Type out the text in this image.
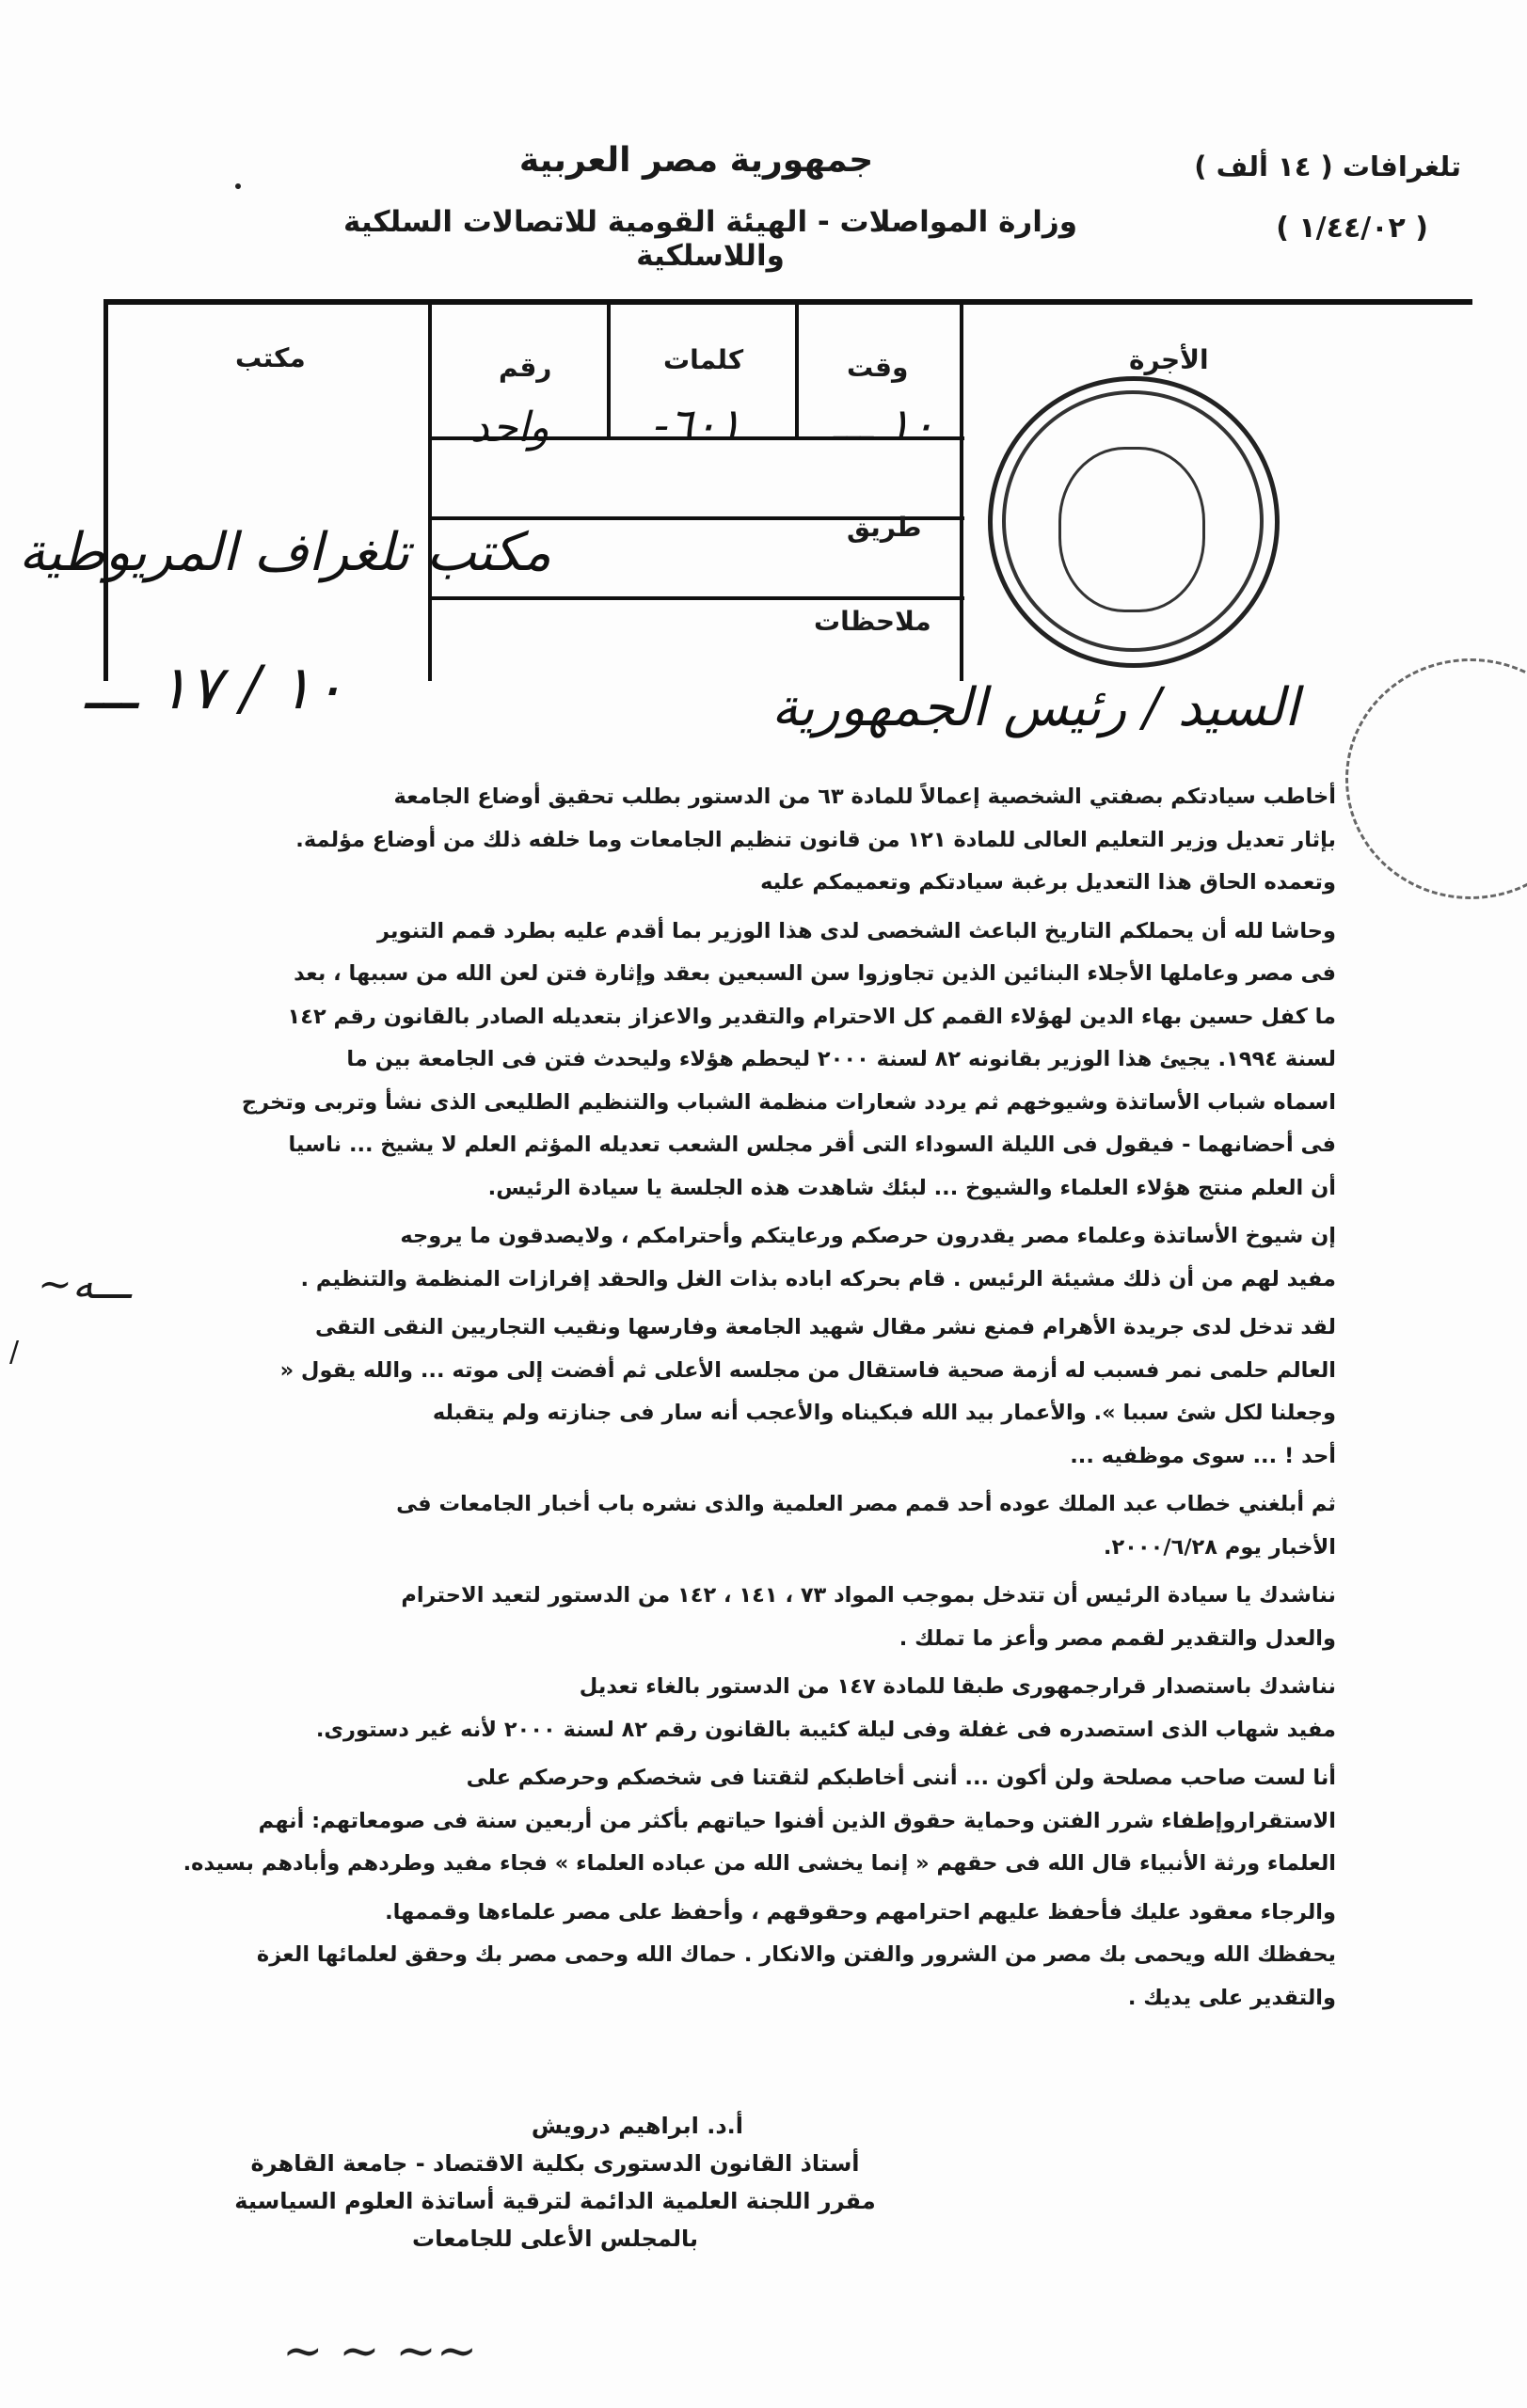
جمهورية مصر العربية
وزارة المواصلات - الهيئة القومية للاتصالات السلكية واللاسلكية
تلغرافات ( ١٤ ألف )
( ١/٤٤/٠٢ )
مكتب	رقم	كلمات	وقت	الأجرة
طريق
ملاحظات
واحد ٦٠١- ١٠ ـــ
مكتب تلغراف المريوطية
١٠ / ١٧ ـــ	السيد / رئيس الجمهورية

أخاطب سيادتكم بصفتي الشخصية إعمالاً للمادة ٦٣ من الدستور بطلب تحقيق أوضاع الجامعة
بإثار تعديل وزير التعليم العالى للمادة ١٢١ من قانون تنظيم الجامعات وما خلفه ذلك من أوضاع مؤلمة.
وتعمده الحاق هذا التعديل برغبة سيادتكم وتعميمكم عليه

وحاشا لله أن يحملكم التاريخ الباعث الشخصى لدى هذا الوزير بما أقدم عليه بطرد قمم التنوير
فى مصر وعاملها الأجلاء البنائين الذين تجاوزوا سن السبعين بعقد وإثارة فتن لعن الله من سببها ، بعد
ما كفل حسين بهاء الدين لهؤلاء القمم كل الاحترام والتقدير والاعزاز بتعديله الصادر بالقانون رقم ١٤٢
لسنة ١٩٩٤. يجيئ هذا الوزير بقانونه ٨٢ لسنة ٢٠٠٠ ليحطم هؤلاء وليحدث فتن فى الجامعة بين ما
اسماه شباب الأساتذة وشيوخهم ثم يردد شعارات منظمة الشباب والتنظيم الطليعى الذى نشأ وتربى وتخرج
فى أحضانهما - فيقول فى الليلة السوداء التى أقر مجلس الشعب تعديله المؤثم العلم لا يشيخ ... ناسيا
أن العلم منتج هؤلاء العلماء والشيوخ ... لبئك شاهدت هذه الجلسة يا سيادة الرئيس.

إن شيوخ الأساتذة وعلماء مصر يقدرون حرصكم ورعايتكم وأحترامكم ، ولايصدقون ما يروجه
مفيد لهم من أن ذلك مشيئة الرئيس . قام بحركه اباده بذات الغل والحقد إفرازات المنظمة والتنظيم .

لقد تدخل لدى جريدة الأهرام فمنع نشر مقال شهيد الجامعة وفارسها ونقيب التجاريين النقى التقى
العالم حلمى نمر فسبب له أزمة صحية فاستقال من مجلسه الأعلى ثم أفضت إلى موته ... والله يقول «
وجعلنا لكل شئ سببا ». والأعمار بيد الله فبكيناه والأعجب أنه سار فى جنازته ولم يتقبله
أحد ! ... سوى موظفيه ...

ثم أبلغني خطاب عبد الملك عوده أحد قمم مصر العلمية والذى نشره باب أخبار الجامعات فى
الأخبار يوم ٢٠٠٠/٦/٢٨.

نناشدك يا سيادة الرئيس أن تتدخل بموجب المواد ٧٣ ، ١٤١ ، ١٤٢ من الدستور لتعيد الاحترام
والعدل والتقدير لقمم مصر وأعز ما تملك .

نناشدك باستصدار قرارجمهورى طبقا للمادة ١٤٧ من الدستور بالغاء تعديل
مفيد شهاب الذى استصدره فى غفلة وفى ليلة كئيبة بالقانون رقم ٨٢ لسنة ٢٠٠٠ لأنه غير دستورى.

أنا لست صاحب مصلحة ولن أكون ... أننى أخاطبكم لثقتنا فى شخصكم وحرصكم على
الاستقراروإطفاء شرر الفتن وحماية حقوق الذين أفنوا حياتهم بأكثر من أربعين سنة فى صومعاتهم: أنهم
العلماء ورثة الأنبياء قال الله فى حقهم « إنما يخشى الله من عباده العلماء » فجاء مفيد وطردهم وأبادهم بسيده.

والرجاء معقود عليك فأحفظ عليهم احترامهم وحقوقهم ، وأحفظ على مصر علماءها وقممها.
يحفظك الله ويحمى بك مصر من الشرور والفتن والانكار . حماك الله وحمى مصر بك وحقق لعلمائها العزة
والتقدير على يديك .

~ـــه
/
أ.د. ابراهيم درويش
أستاذ القانون الدستورى بكلية الاقتصاد - جامعة القاهرة
مقرر اللجنة العلمية الدائمة لترقية أساتذة العلوم السياسية
بالمجلس الأعلى للجامعات
~~ ~ ~
